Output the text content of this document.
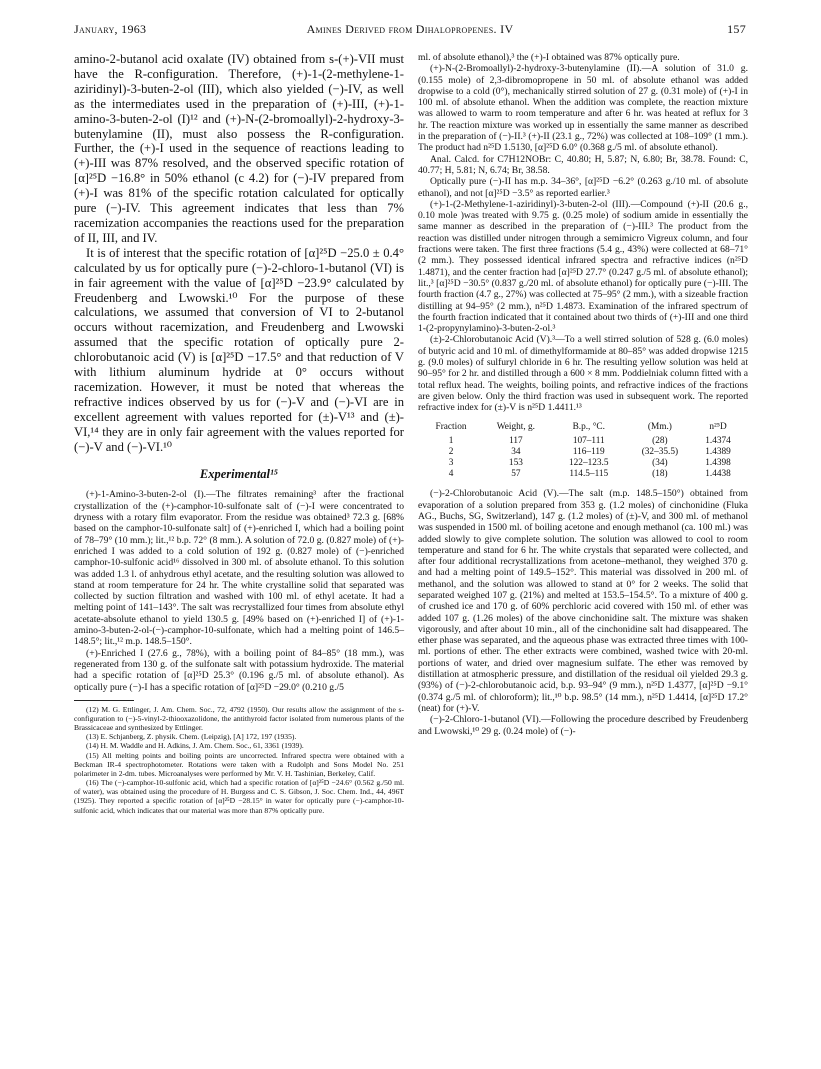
January, 1963	Amines Derived from Dihalopropenes. IV	157

amino-2-butanol acid oxalate (IV) obtained from s-(+)-VII must have the R-configuration. Therefore, (+)-1-(2-methylene-1-aziridinyl)-3-buten-2-ol (III), which also yielded (−)-IV, as well as the intermediates used in the preparation of (+)-III, (+)-1-amino-3-buten-2-ol (I)¹² and (+)-N-(2-bromoallyl)-2-hydroxy-3-butenylamine (II), must also possess the R-configuration. Further, the (+)-I used in the sequence of reactions leading to (+)-III was 87% resolved, and the observed specific rotation of [α]²⁵D −16.8° in 50% ethanol (c 4.2) for (−)-IV prepared from (+)-I was 81% of the specific rotation calculated for optically pure (−)-IV. This agreement indicates that less than 7% racemization accompanies the reactions used for the preparation of II, III, and IV.

It is of interest that the specific rotation of [α]²⁵D −25.0 ± 0.4° calculated by us for optically pure (−)-2-chloro-1-butanol (VI) is in fair agreement with the value of [α]²⁵D −23.9° calculated by Freudenberg and Lwowski.¹⁰ For the purpose of these calculations, we assumed that conversion of VI to 2-butanol occurs without racemization, and Freudenberg and Lwowski assumed that the specific rotation of optically pure 2-chlorobutanoic acid (V) is [α]²⁵D −17.5° and that reduction of V with lithium aluminum hydride at 0° occurs without racemization. However, it must be noted that whereas the refractive indices observed by us for (−)-V and (−)-VI are in excellent agreement with values reported for (±)-V¹³ and (±)-VI,¹⁴ they are in only fair agreement with the values reported for (−)-V and (−)-VI.¹⁰

Experimental¹⁵

(+)-1-Amino-3-buten-2-ol (I).—The filtrates remaining³ after the fractional crystallization of the (+)-camphor-10-sulfonate salt of (−)-I were concentrated to dryness with a rotary film evaporator. From the residue was obtained³ 72.3 g. [68% based on the camphor-10-sulfonate salt] of (+)-enriched I, which had a boiling point of 78–79° (10 mm.); lit.,¹² b.p. 72° (8 mm.). A solution of 72.0 g. (0.827 mole) of (+)-enriched I was added to a cold solution of 192 g. (0.827 mole) of (−)-enriched camphor-10-sulfonic acid¹⁶ dissolved in 300 ml. of absolute ethanol. To this solution was added 1.3 l. of anhydrous ethyl acetate, and the resulting solution was allowed to stand at room temperature for 24 hr. The white crystalline solid that separated was collected by suction filtration and washed with 100 ml. of ethyl acetate. It had a melting point of 141–143°. The salt was recrystallized four times from absolute ethyl acetate-absolute ethanol to yield 130.5 g. [49% based on (+)-enriched I] of (+)-1-amino-3-buten-2-ol-(−)-camphor-10-sulfonate, which had a melting point of 146.5–148.5°; lit.,¹² m.p. 148.5–150°.

(+)-Enriched I (27.6 g., 78%), with a boiling point of 84–85° (18 mm.), was regenerated from 130 g. of the sulfonate salt with potassium hydroxide. The material had a specific rotation of [α]²⁵D 25.3° (0.196 g./5 ml. of absolute ethanol). As optically pure (−)-I has a specific rotation of [α]²⁵D −29.0° (0.210 g./5

(12) M. G. Ettlinger, J. Am. Chem. Soc., 72, 4792 (1950). Our results allow the assignment of the s-configuration to (−)-5-vinyl-2-thiooxazolidone, the antithyroid factor isolated from numerous plants of the Brassicaceae and synthesized by Ettlinger.

(13) E. Schjanberg, Z. physik. Chem. (Leipzig), [A] 172, 197 (1935).

(14) H. M. Waddle and H. Adkins, J. Am. Chem. Soc., 61, 3361 (1939).

(15) All melting points and boiling points are uncorrected. Infrared spectra were obtained with a Beckman IR-4 spectrophotometer. Rotations were taken with a Rudolph and Sons Model No. 251 polarimeter in 2-dm. tubes. Microanalyses were performed by Mr. V. H. Tashinian, Berkeley, Calif.

(16) The (−)-camphor-10-sulfonic acid, which had a specific rotation of [α]²⁵D −24.6° (0.562 g./50 ml. of water), was obtained using the procedure of H. Burgess and C. S. Gibson, J. Soc. Chem. Ind., 44, 496T (1925). They reported a specific rotation of [α]²⁵D −28.15° in water for optically pure (−)-camphor-10-sulfonic acid, which indicates that our material was more than 87% optically pure.

ml. of absolute ethanol),³ the (+)-I obtained was 87% optically pure.

(+)-N-(2-Bromoallyl)-2-hydroxy-3-butenylamine (II).—A solution of 31.0 g. (0.155 mole) of 2,3-dibromopropene in 50 ml. of absolute ethanol was added dropwise to a cold (0°), mechanically stirred solution of 27 g. (0.31 mole) of (+)-I in 100 ml. of absolute ethanol. When the addition was complete, the reaction mixture was allowed to warm to room temperature and after 6 hr. was heated at reflux for 3 hr. The reaction mixture was worked up in essentially the same manner as described in the preparation of (−)-II.³ (+)-II (23.1 g., 72%) was collected at 108–109° (1 mm.). The product had n²⁵D 1.5130, [α]²⁵D 6.0° (0.368 g./5 ml. of absolute ethanol).

Anal. Calcd. for C7H12NOBr: C, 40.80; H, 5.87; N, 6.80; Br, 38.78. Found: C, 40.77; H, 5.81; N, 6.74; Br, 38.58.

Optically pure (−)-II has m.p. 34–36°, [α]²⁵D −6.2° (0.263 g./10 ml. of absolute ethanol), and not [α]²⁵D −3.5° as reported earlier.³

(+)-1-(2-Methylene-1-aziridinyl)-3-buten-2-ol (III).—Compound (+)-II (20.6 g., 0.10 mole )was treated with 9.75 g. (0.25 mole) of sodium amide in essentially the same manner as described in the preparation of (−)-III.³ The product from the reaction was distilled under nitrogen through a semimicro Vigreux column, and four fractions were taken. The first three fractions (5.4 g., 43%) were collected at 68–71° (2 mm.). They possessed identical infrared spectra and refractive indices (n²⁵D 1.4871), and the center fraction had [α]²⁵D 27.7° (0.247 g./5 ml. of absolute ethanol); lit.,³ [α]²⁵D −30.5° (0.837 g./20 ml. of absolute ethanol) for optically pure (−)-III. The fourth fraction (4.7 g., 27%) was collected at 75–95° (2 mm.), with a sizeable fraction distilling at 94–95° (2 mm.), n²⁵D 1.4873. Examination of the infrared spectrum of the fourth fraction indicated that it contained about two thirds of (+)-III and one third 1-(2-propynylamino)-3-buten-2-ol.³

(±)-2-Chlorobutanoic Acid (V).³—To a well stirred solution of 528 g. (6.0 moles) of butyric acid and 10 ml. of dimethylformamide at 80–85° was added dropwise 1215 g. (9.0 moles) of sulfuryl chloride in 6 hr. The resulting yellow solution was held at 90–95° for 2 hr. and distilled through a 600 × 8 mm. Poddielniak column fitted with a total reflux head. The weights, boiling points, and refractive indices of the fractions are given below. Only the third fraction was used in subsequent work. The reported refractive index for (±)-V is n²⁵D 1.4411.¹³

Fraction	Weight, g.	B.p., °C.	(Mm.)	n²⁵D
1	117	107–111	(28)	1.4374
2	34	116–119	(32–35.5)	1.4389
3	153	122–123.5	(34)	1.4398
4	57	114.5–115	(18)	1.4438

(−)-2-Chlorobutanoic Acid (V).—The salt (m.p. 148.5–150°) obtained from evaporation of a solution prepared from 353 g. (1.2 moles) of cinchonidine (Fluka AG., Buchs, SG, Switzerland), 147 g. (1.2 moles) of (±)-V, and 300 ml. of methanol was suspended in 1500 ml. of boiling acetone and enough methanol (ca. 100 ml.) was added slowly to give complete solution. The solution was allowed to cool to room temperature and stand for 6 hr. The white crystals that separated were collected, and after four additional recrystallizations from acetone–methanol, they weighed 370 g. and had a melting point of 149.5–152°. This material was dissolved in 200 ml. of methanol, and the solution was allowed to stand at 0° for 2 weeks. The solid that separated weighed 107 g. (21%) and melted at 153.5–154.5°. To a mixture of 400 g. of crushed ice and 170 g. of 60% perchloric acid covered with 150 ml. of ether was added 107 g. (1.26 moles) of the above cinchonidine salt. The mixture was shaken vigorously, and after about 10 min., all of the cinchonidine salt had disappeared. The ether phase was separated, and the aqueous phase was extracted three times with 100-ml. portions of ether. The ether extracts were combined, washed twice with 20-ml. portions of water, and dried over magnesium sulfate. The ether was removed by distillation at atmospheric pressure, and distillation of the residual oil yielded 29.3 g. (93%) of (−)-2-chlorobutanoic acid, b.p. 93–94° (9 mm.), n²⁵D 1.4377, [α]²⁵D −9.1° (0.374 g./5 ml. of chloroform); lit.,¹⁰ b.p. 98.5° (14 mm.), n²⁵D 1.4414, [α]²⁵D 17.2° (neat) for (+)-V.

(−)-2-Chloro-1-butanol (VI).—Following the procedure described by Freudenberg and Lwowski,¹⁰ 29 g. (0.24 mole) of (−)-
